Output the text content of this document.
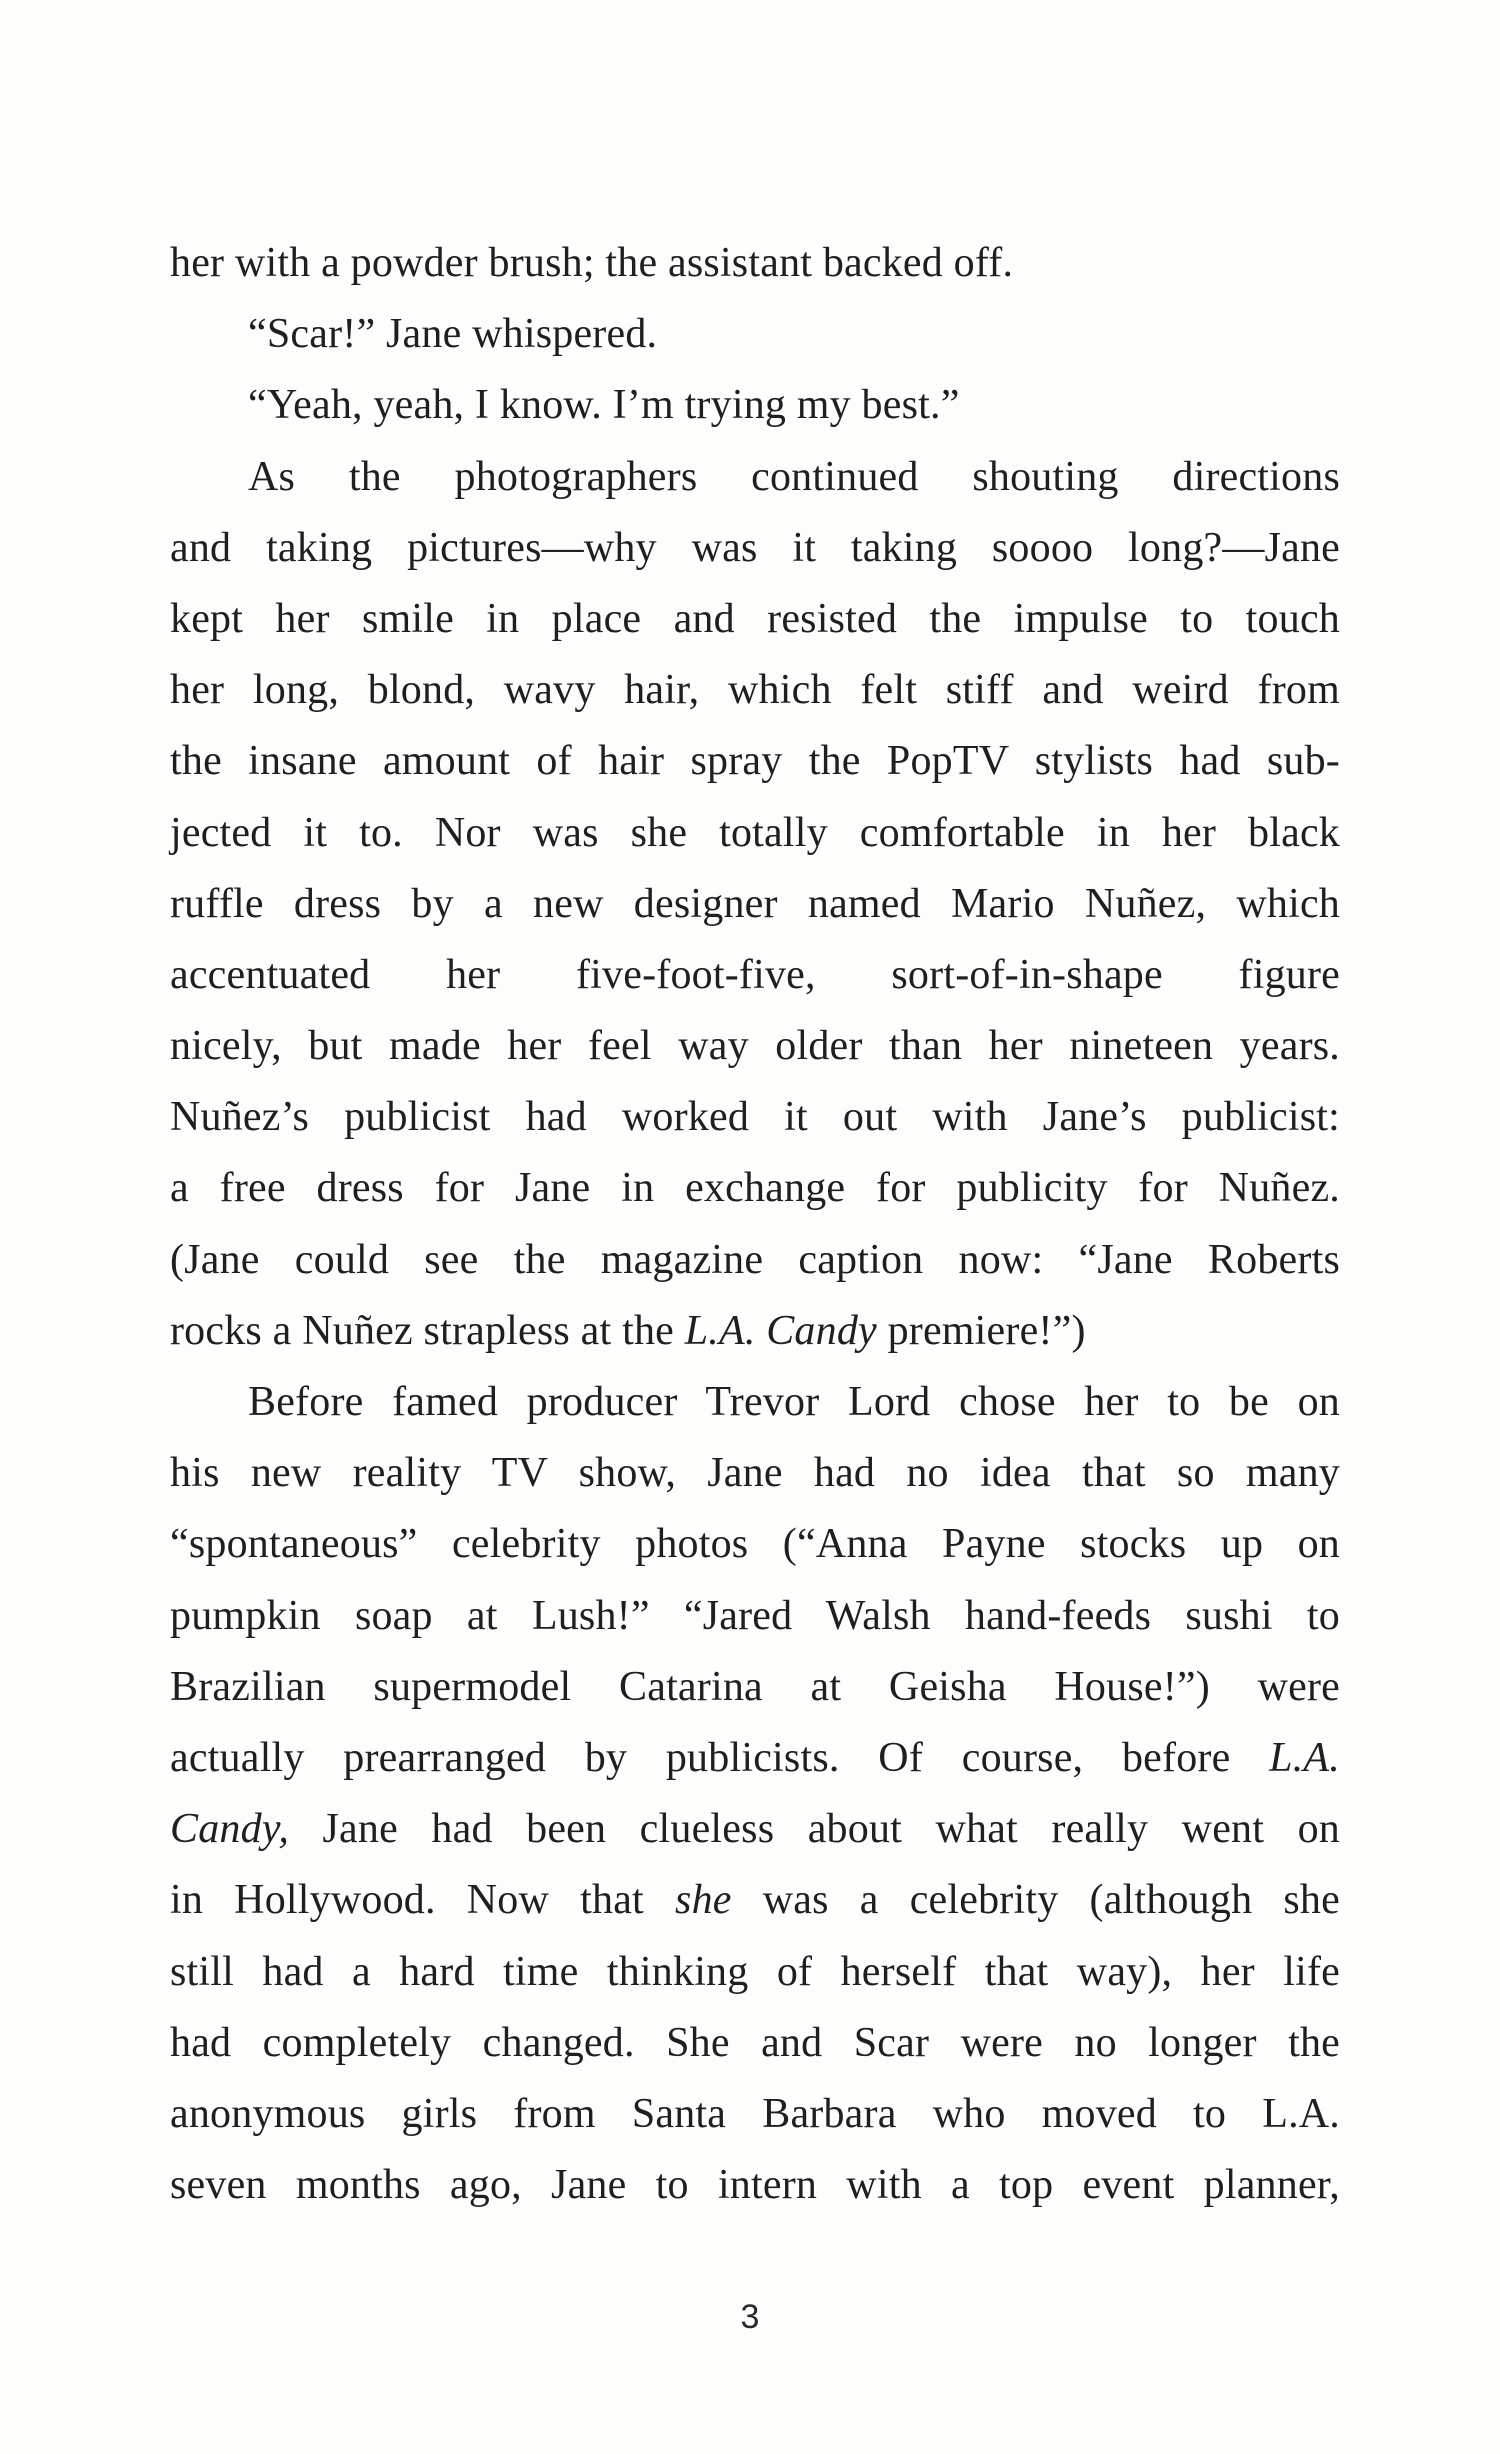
her with a powder brush; the assistant backed off.
“Scar!” Jane whispered.
“Yeah, yeah, I know. I’m trying my best.”
As the photographers continued shouting directions
and taking pictures—why was it taking soooo long?—Jane
kept her smile in place and resisted the impulse to touch
her long, blond, wavy hair, which felt stiff and weird from
the insane amount of hair spray the PopTV stylists had sub-
jected it to. Nor was she totally comfortable in her black
ruffle dress by a new designer named Mario Nuñez, which
accentuated her five-foot-five, sort-of-in-shape figure
nicely, but made her feel way older than her nineteen years.
Nuñez’s publicist had worked it out with Jane’s publicist:
a free dress for Jane in exchange for publicity for Nuñez.
(Jane could see the magazine caption now: “Jane Roberts
rocks a Nuñez strapless at the L.A. Candy premiere!”)
Before famed producer Trevor Lord chose her to be on
his new reality TV show, Jane had no idea that so many
“spontaneous” celebrity photos (“Anna Payne stocks up on
pumpkin soap at Lush!” “Jared Walsh hand-feeds sushi to
Brazilian supermodel Catarina at Geisha House!”) were
actually prearranged by publicists. Of course, before L.A.
Candy, Jane had been clueless about what really went on
in Hollywood. Now that she was a celebrity (although she
still had a hard time thinking of herself that way), her life
had completely changed. She and Scar were no longer the
anonymous girls from Santa Barbara who moved to L.A.
seven months ago, Jane to intern with a top event planner,
3
